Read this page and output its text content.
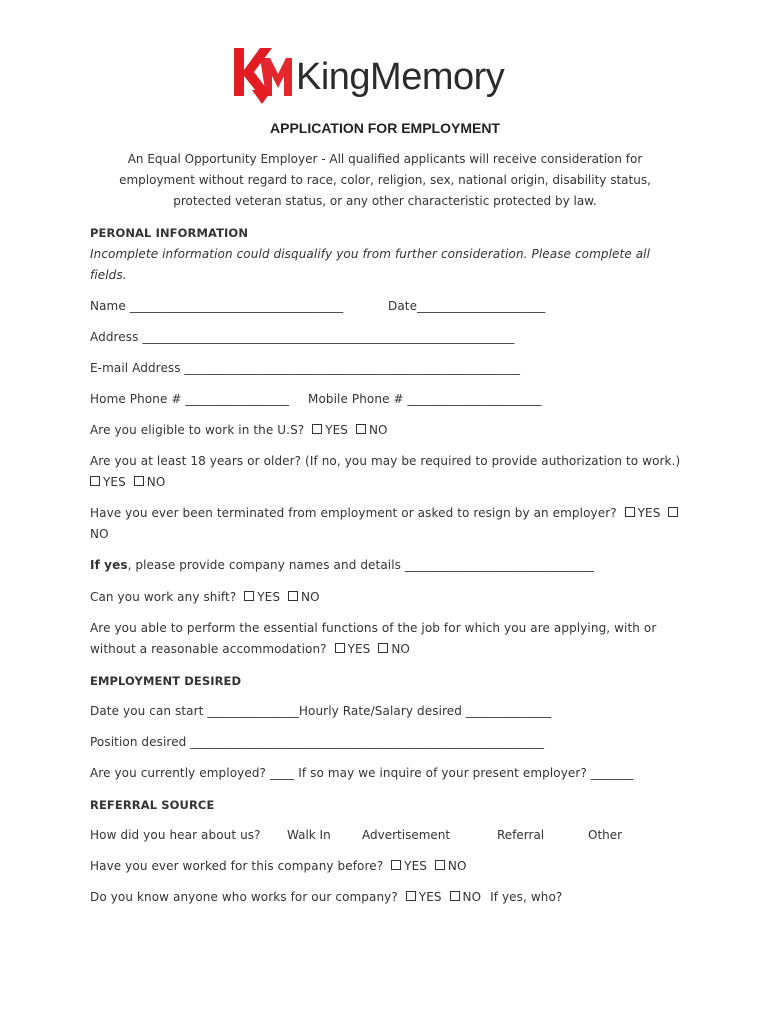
KingMemory
APPLICATION FOR EMPLOYMENT
An Equal Opportunity Employer - All qualified applicants will receive consideration for
employment without regard to race, color, religion, sex, national origin, disability status,
protected veteran status, or any other characteristic protected by law.
PERONAL INFORMATION
Incomplete information could disqualify you from further consideration. Please complete all
fields.
Name ___________________________________	Date_____________________
Address _____________________________________________________________
E-mail Address _______________________________________________________
Home Phone # _________________ Mobile Phone # ______________________
Are you eligible to work in the U.S? YES NO
Are you at least 18 years or older? (If no, you may be required to provide authorization to work.)
YES NO
Have you ever been terminated from employment or asked to resign by an employer? YES
NO
If yes, please provide company names and details _______________________________
Can you work any shift? YES NO
Are you able to perform the essential functions of the job for which you are applying, with or
without a reasonable accommodation? YES NO
EMPLOYMENT DESIRED
Date you can start _______________Hourly Rate/Salary desired ______________
Position desired __________________________________________________________
Are you currently employed? ____ If so may we inquire of your present employer? _______
REFERRAL SOURCE
How did you hear about us? Walk In	Advertisement	Referral	Other
Have you ever worked for this company before? YES NO
Do you know anyone who works for our company? YES NO If yes, who?
